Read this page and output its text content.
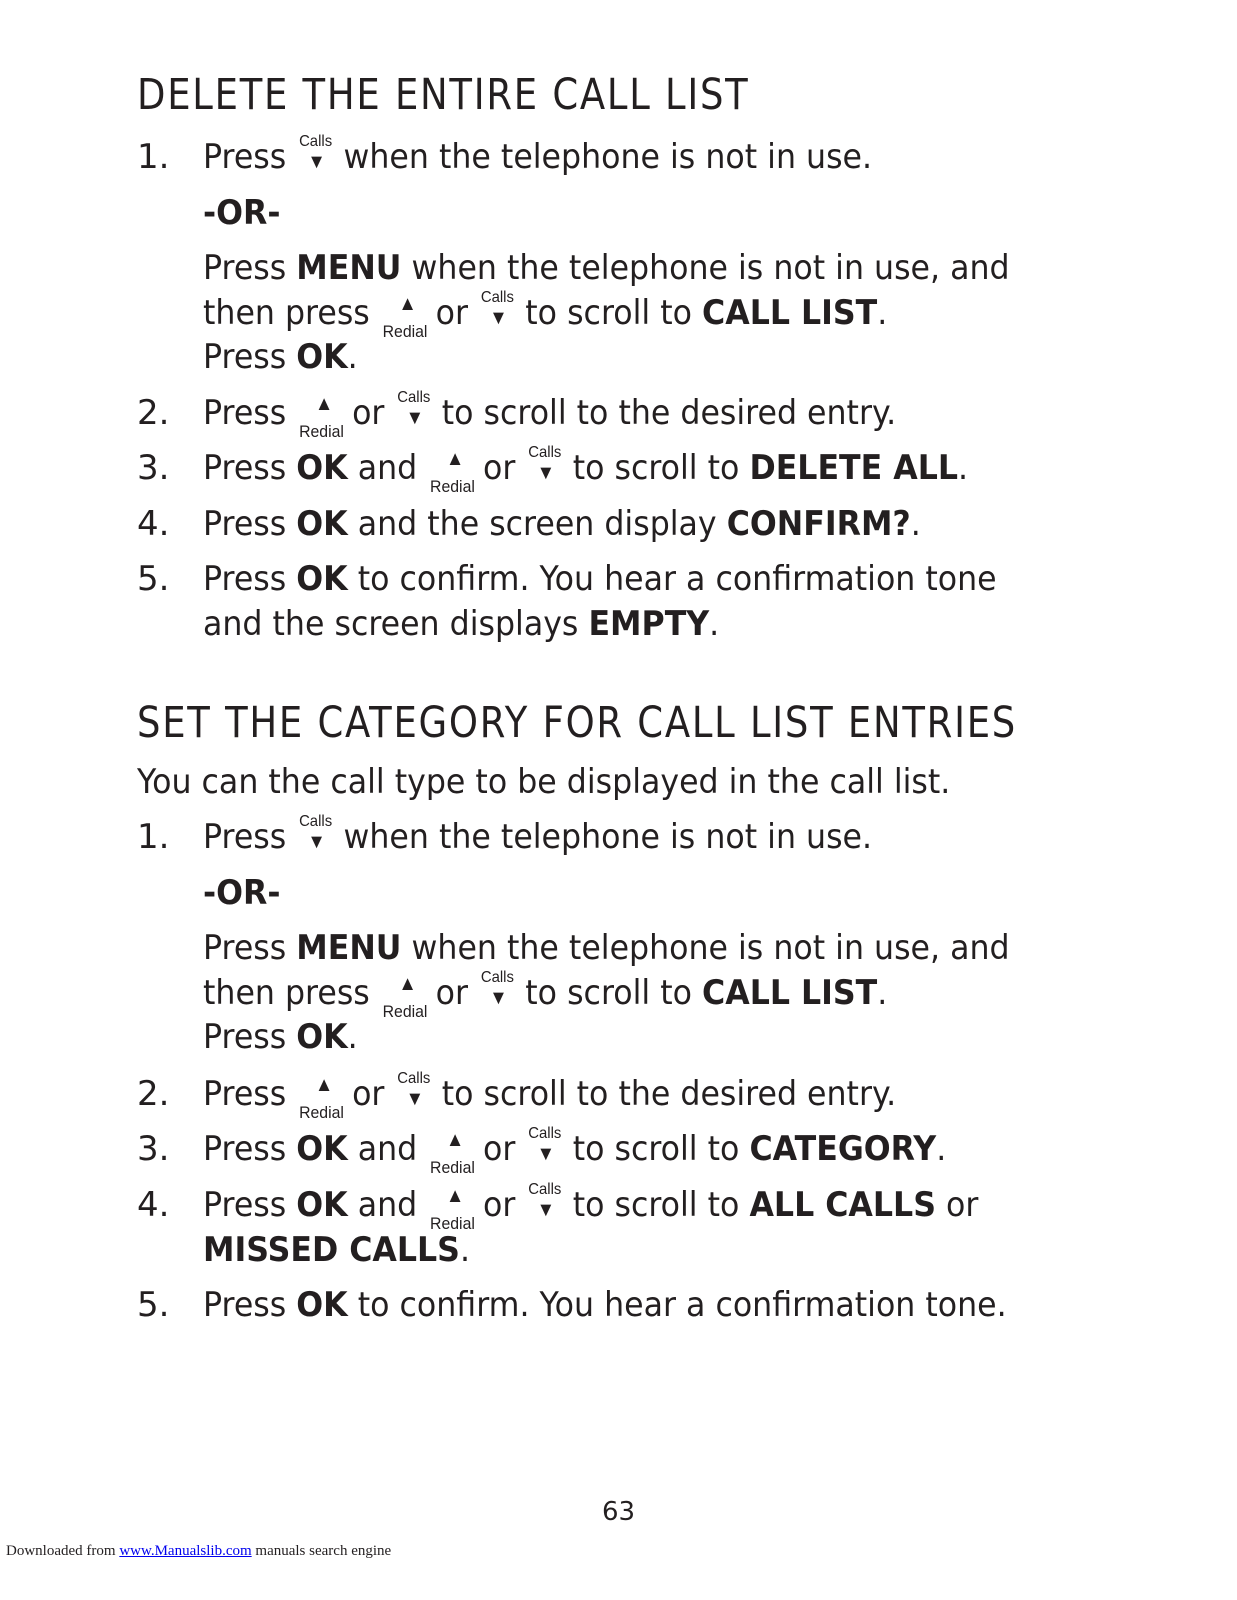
DELETE THE ENTIRE CALL LIST
1. Press Calls
▼ when the telephone is not in use.
-OR-
Press MENU when the telephone is not in use, and
then press ▲
Redial or Calls
▼ to scroll to CALL LIST.
Press OK.
2. Press ▲
Redial or Calls
▼ to scroll to the desired entry.
3. Press OK and ▲
Redial or Calls
▼ to scroll to DELETE ALL.
4. Press OK and the screen display CONFIRM?.
5. Press OK to confirm. You hear a confirmation tone
and the screen displays EMPTY.
SET THE CATEGORY FOR CALL LIST ENTRIES

You can the call type to be displayed in the call list.

1. Press Calls
▼ when the telephone is not in use.
-OR-
Press MENU when the telephone is not in use, and
then press ▲
Redial or Calls
▼ to scroll to CALL LIST.
Press OK.
2. Press ▲
Redial or Calls
▼ to scroll to the desired entry.
3. Press OK and ▲
Redial or Calls
▼ to scroll to CATEGORY.
4. Press OK and ▲
Redial or Calls
▼ to scroll to ALL CALLS or
MISSED CALLS.
5. Press OK to confirm. You hear a confirmation tone.
63
Downloaded from www.Manualslib.com manuals search engine
